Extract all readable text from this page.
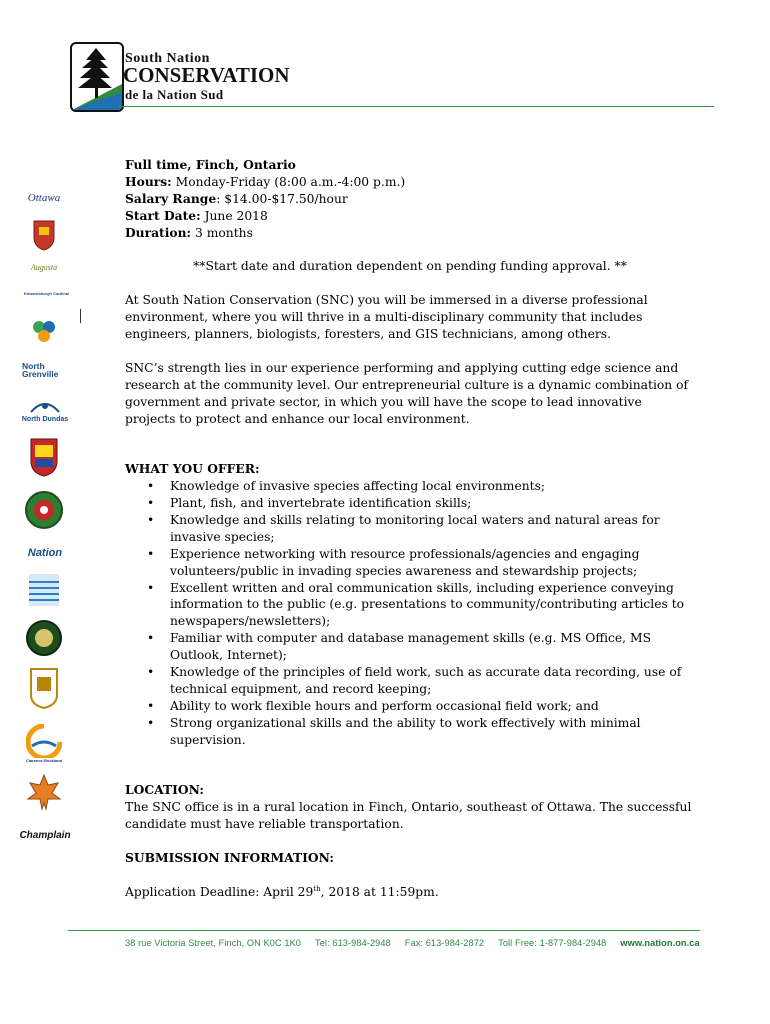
South Nation
CONSERVATION
de la Nation Sud
Ottawa
Augusta
Edwardsburgh Cardinal
North Grenville
North Dundas
Nation
Clarence-Rockland
Champlain

Full time, Finch, Ontario

Hours: Monday-Friday (8:00 a.m.-4:00 p.m.)

Salary Range: $14.00-$17.50/hour

Start Date: June 2018

Duration: 3 months

**Start date and duration dependent on pending funding approval. **

At South Nation Conservation (SNC) you will be immersed in a diverse professional environment, where you will thrive in a multi-disciplinary community that includes engineers, planners, biologists, foresters, and GIS technicians, among others.

SNC’s strength lies in our experience performing and applying cutting edge science and research at the community level. Our entrepreneurial culture is a dynamic combination of government and private sector, in which you will have the scope to lead innovative projects to protect and enhance our local environment.

WHAT YOU OFFER:

• Knowledge of invasive species affecting local environments;
• Plant, fish, and invertebrate identification skills;
• Knowledge and skills relating to monitoring local waters and natural areas for invasive species;
• Experience networking with resource professionals/agencies and engaging volunteers/public in invading species awareness and stewardship projects;
• Excellent written and oral communication skills, including experience conveying information to the public (e.g. presentations to community/contributing articles to newspapers/newsletters);
• Familiar with computer and database management skills (e.g. MS Office, MS Outlook, Internet);
• Knowledge of the principles of field work, such as accurate data recording, use of technical equipment, and record keeping;
• Ability to work flexible hours and perform occasional field work; and
• Strong organizational skills and the ability to work effectively with minimal supervision.

LOCATION:

The SNC office is in a rural location in Finch, Ontario, southeast of Ottawa. The successful candidate must have reliable transportation.

SUBMISSION INFORMATION:

Application Deadline: April 29th, 2018 at 11:59pm.

38 rue Victoria Street, Finch, ON K0C 1K0 Tel: 613-984-2948 Fax: 613-984-2872 Toll Free: 1-877-984-2948 www.nation.on.ca
